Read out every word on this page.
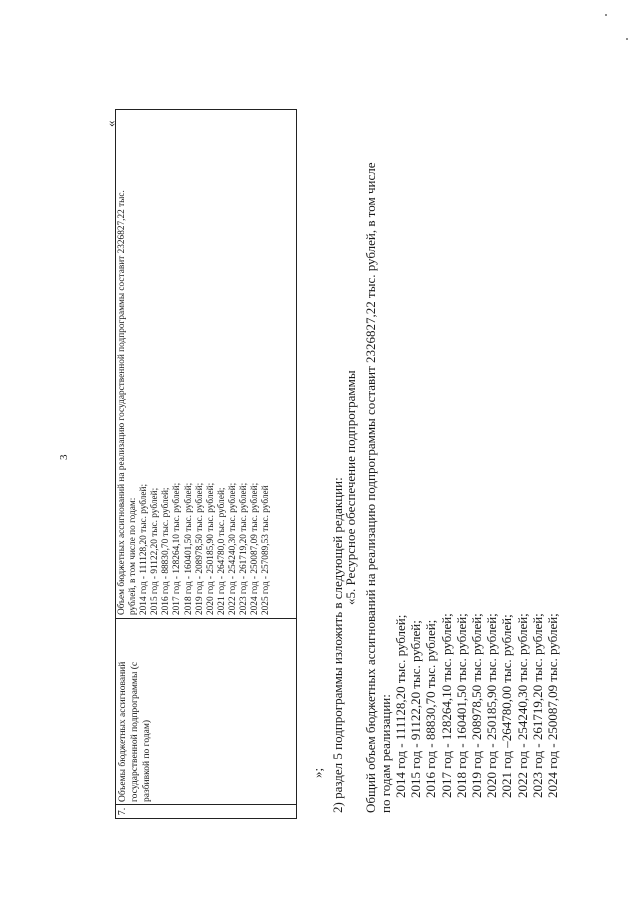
3
«
7.
Объемы бюджетных ассигнований государственной подпрограммы (с разбивкой по годам)
Объем бюджетных ассигнований на реализацию государственной подпрограммы составит 2326827,22 тыс. рублей, в том числе по годам: 2014 год - 111128,20 тыс. рублей; 2015 год - 91122,20 тыс. рублей; 2016 год - 88830,70 тыс. рублей; 2017 год - 128264,10 тыс. рублей; 2018 год - 160401,50 тыс. рублей; 2019 год - 208978,50 тыс. рублей; 2020 год - 250185,90 тыс. рублей; 2021 год - 264780,0 тыс. рублей; 2022 год - 254240,30 тыс. рублей; 2023 год - 261719,20 тыс. рублей; 2024 год - 250087,09 тыс. рублей; 2025 год - 257089,53 тыс. рублей
»; 2) раздел 5 подпрограммы изложить в следующей редакции:
«5. Ресурсное обеспечение подпрограммы Общий объем бюджетных ассигнований на реализацию подпрограммы составит 2326827,22 тыс. рублей, в том числе по годам реализации: 2014 год - 111128,20 тыс. рублей; 2015 год - 91122,20 тыс. рублей; 2016 год - 88830,70 тыс. рублей; 2017 год - 128264,10 тыс. рублей; 2018 год - 160401,50 тыс. рублей; 2019 год - 208978,50 тыс. рублей; 2020 год - 250185,90 тыс. рублей; 2021 год –264780,00 тыс. рублей; 2022 год - 254240,30 тыс. рублей; 2023 год - 261719,20 тыс. рублей; 2024 год - 250087,09 тыс. рублей;
